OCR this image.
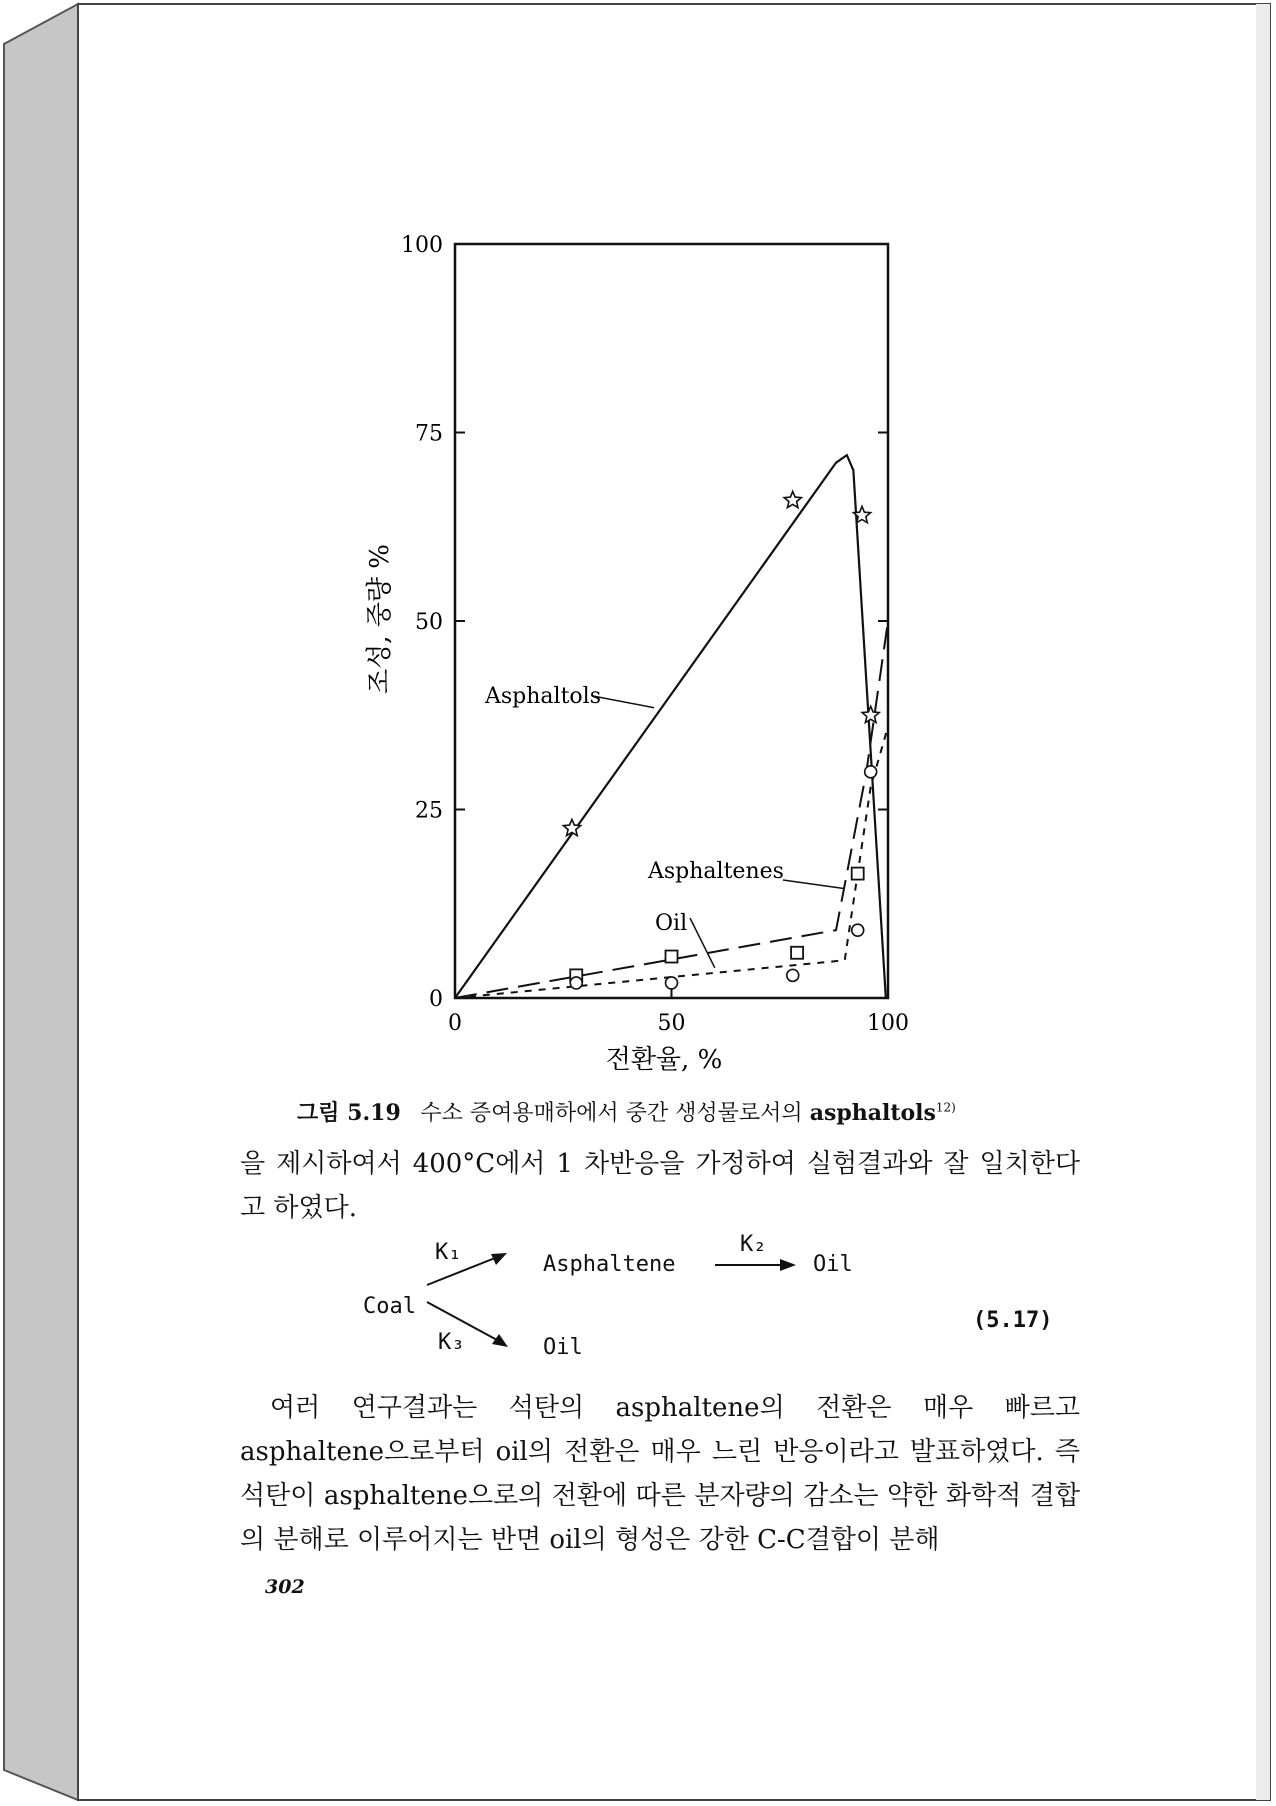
0
25
50
75
100
0	50	100
Asphaltols
Asphaltenes
Oil
전환율, %
조성, 중량 %
그림 5.19 수소 증여용매하에서 중간 생성물로서의 asphaltols$^{12)}$
을 제시하여서 400°C에서 1 차반응을 가정하여 실험결과와 잘 일치한다고 하였다.
Coal
K₁
K₃
K₂
Asphaltene	Oil
Oil
(5.17)
여러 연구결과는 석탄의 asphaltene의 전환은 매우 빠르고 asphaltene으로부터 oil의 전환은 매우 느린 반응이라고 발표하였다. 즉 석탄이 asphaltene으로의 전환에 따른 분자량의 감소는 약한 화학적 결합의 분해로 이루어지는 반면 oil의 형성은 강한 C-C결합이 분해
302
